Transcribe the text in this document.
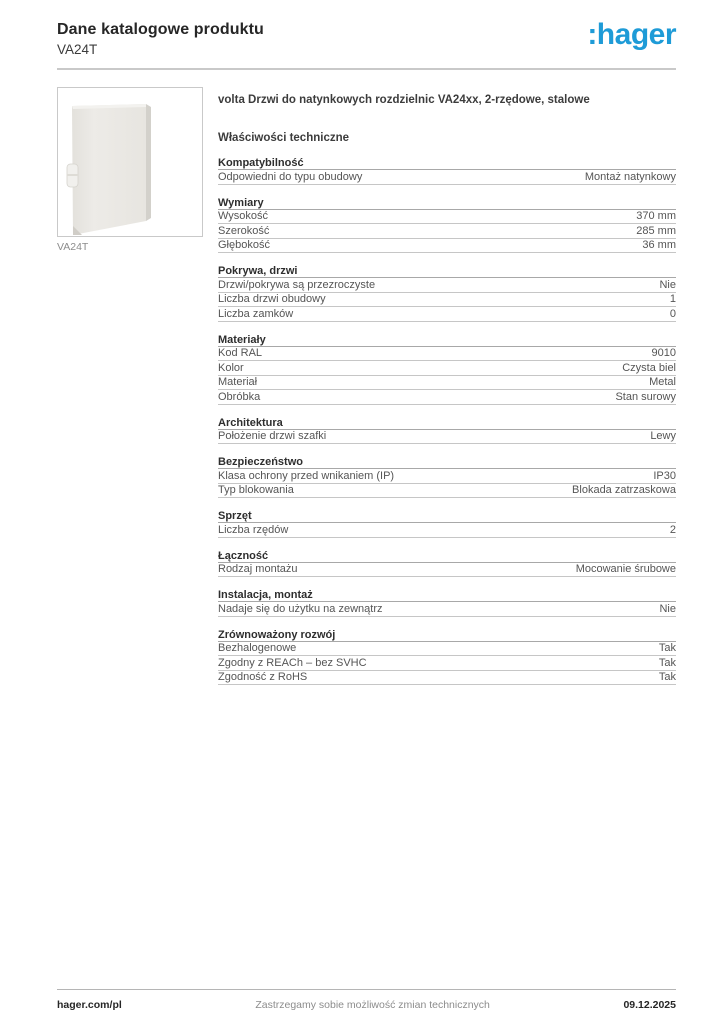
Dane katalogowe produktu
VA24T	:hager
VA24T
volta Drzwi do natynkowych rozdzielnic VA24xx, 2-rzędowe, stalowe
Właściwości techniczne
Kompatybilność
Odpowiedni do typu obudowy	Montaż natynkowy
Wymiary
Wysokość	370 mm
Szerokość	285 mm
Głębokość	36 mm
Pokrywa, drzwi
Drzwi/pokrywa są przezroczyste	Nie
Liczba drzwi obudowy	1
Liczba zamków	0
Materiały
Kod RAL	9010
Kolor	Czysta biel
Materiał	Metal
Obróbka	Stan surowy
Architektura
Położenie drzwi szafki	Lewy
Bezpieczeństwo
Klasa ochrony przed wnikaniem (IP)	IP30
Typ blokowania	Blokada zatrzaskowa
Sprzęt
Liczba rzędów	2
Łączność
Rodzaj montażu	Mocowanie śrubowe
Instalacja, montaż
Nadaje się do użytku na zewnątrz	Nie
Zrównoważony rozwój
Bezhalogenowe	Tak
Zgodny z REACh – bez SVHC	Tak
Zgodność z RoHS	Tak
hager.com/pl	Zastrzegamy sobie możliwość zmian technicznych	09.12.2025
